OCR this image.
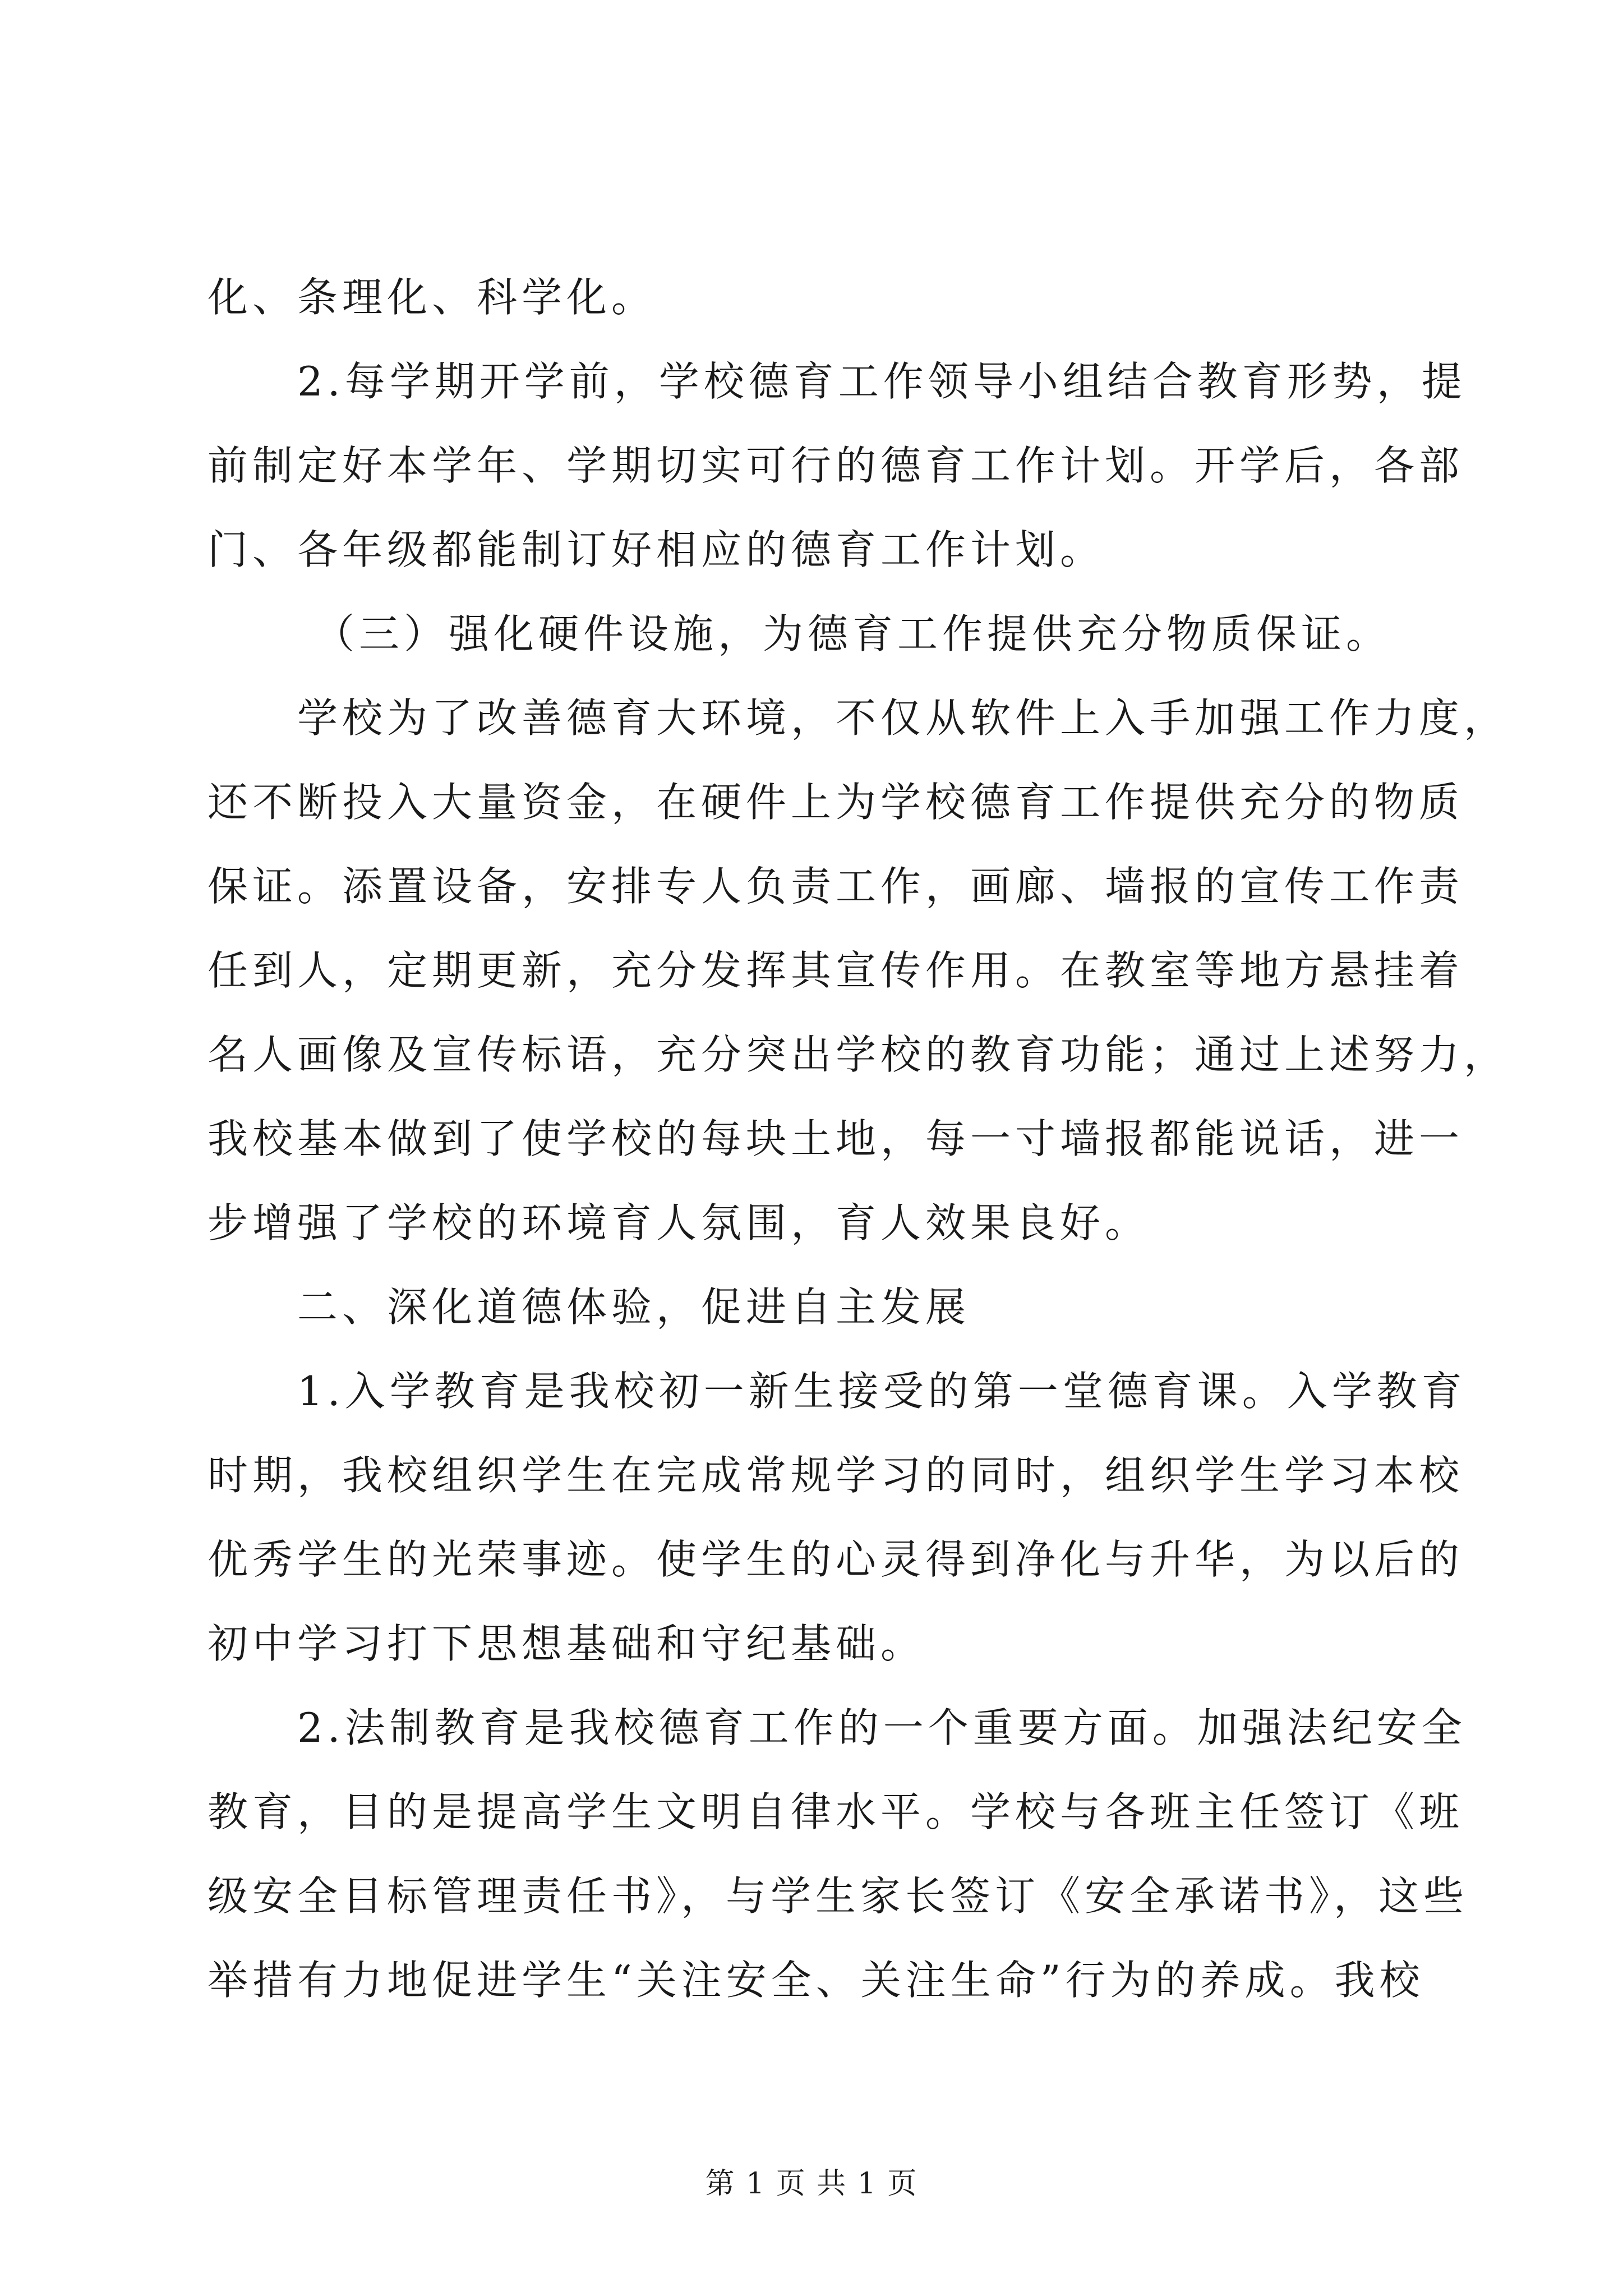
化、条理化、科学化。
2.每学期开学前，学校德育工作领导小组结合教育形势，提
前制定好本学年、学期切实可行的德育工作计划。开学后，各部
门、各年级都能制订好相应的德育工作计划。
（三）强化硬件设施，为德育工作提供充分物质保证。
学校为了改善德育大环境，不仅从软件上入手加强工作力度，
还不断投入大量资金，在硬件上为学校德育工作提供充分的物质
保证。添置设备，安排专人负责工作，画廊、墙报的宣传工作责
任到人，定期更新，充分发挥其宣传作用。在教室等地方悬挂着
名人画像及宣传标语，充分突出学校的教育功能；通过上述努力，
我校基本做到了使学校的每块土地，每一寸墙报都能说话，进一
步增强了学校的环境育人氛围，育人效果良好。
二、深化道德体验，促进自主发展
1.入学教育是我校初一新生接受的第一堂德育课。入学教育
时期，我校组织学生在完成常规学习的同时，组织学生学习本校
优秀学生的光荣事迹。使学生的心灵得到净化与升华，为以后的
初中学习打下思想基础和守纪基础。
2.法制教育是我校德育工作的一个重要方面。加强法纪安全
教育，目的是提高学生文明自律水平。学校与各班主任签订《班
级安全目标管理责任书》，与学生家长签订《安全承诺书》，这些
举措有力地促进学生“关注安全、关注生命”行为的养成。我校
第 1 页 共 1 页
